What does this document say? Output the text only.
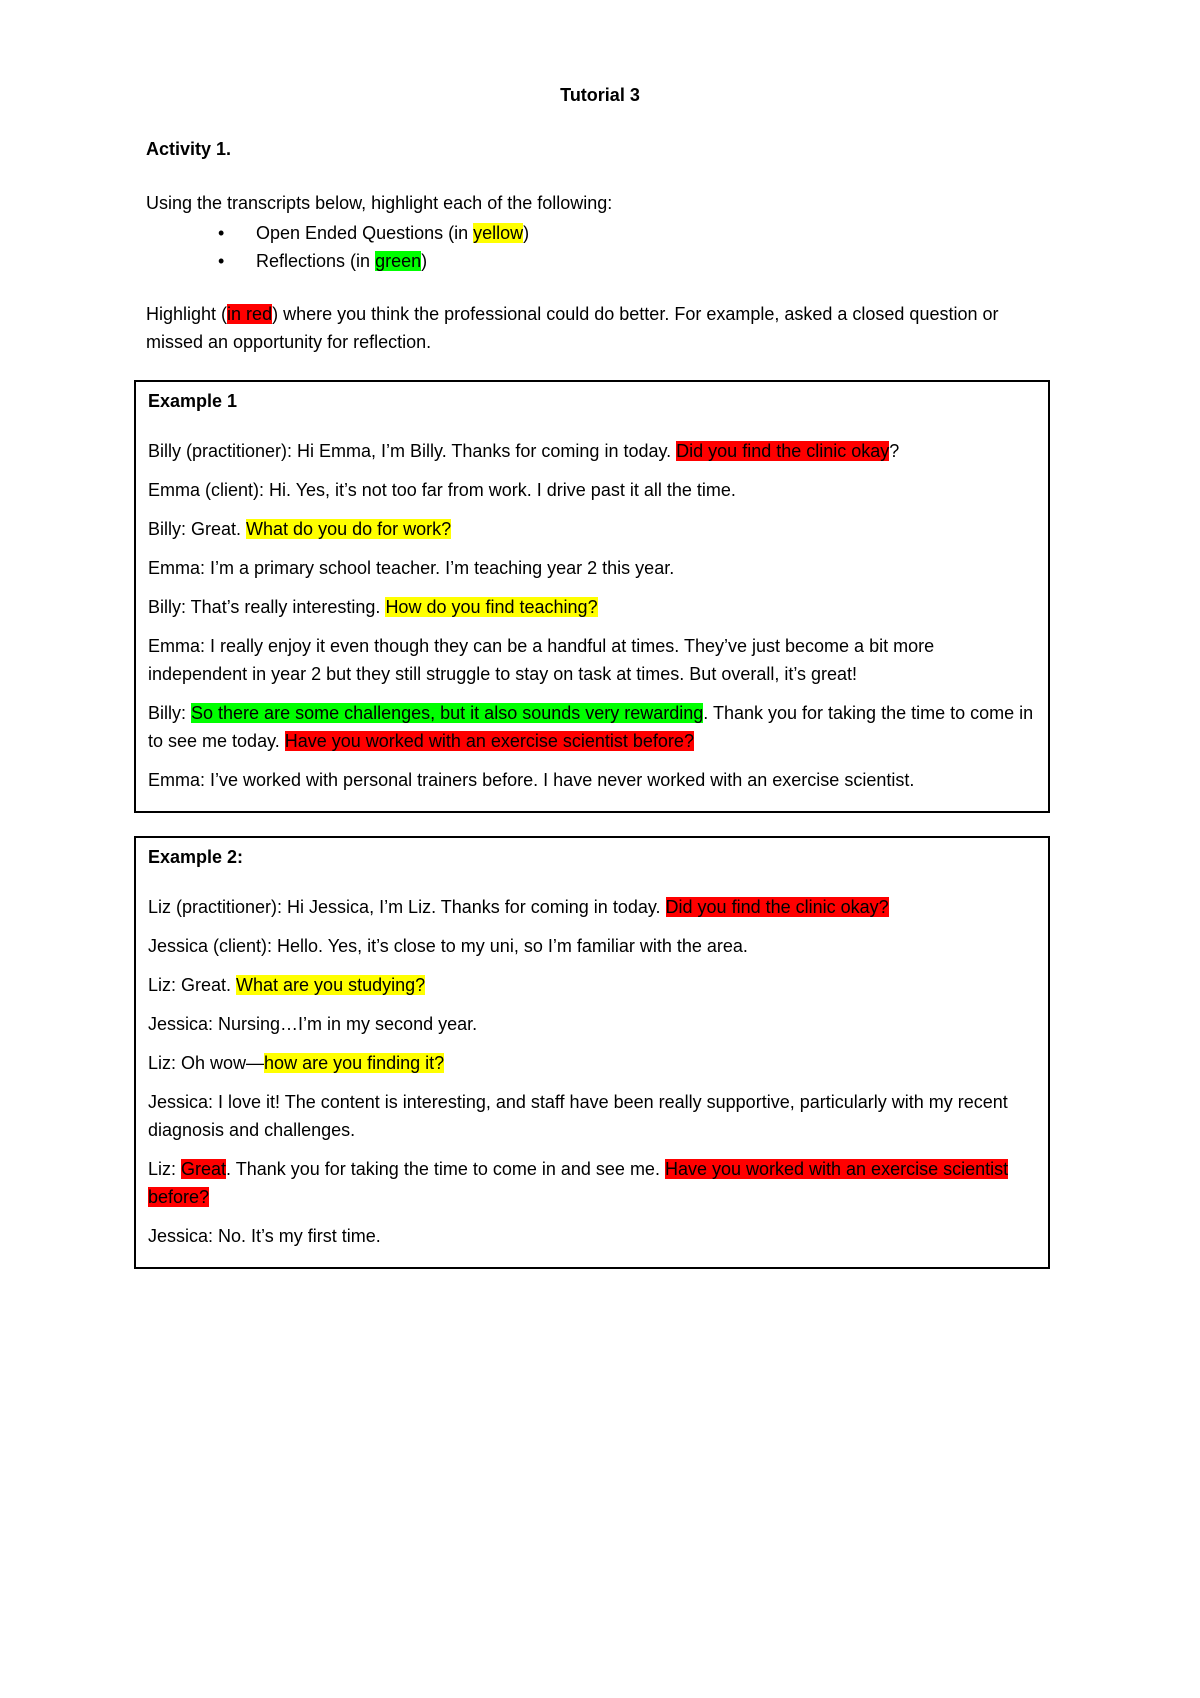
Tutorial 3
Activity 1.

Using the transcripts below, highlight each of the following:

• Open Ended Questions (in yellow)
• Reflections (in green)
Highlight (in red) where you think the professional could do better. For example, asked a closed question or missed an opportunity for reflection.
Example 1

Billy (practitioner): Hi Emma, I’m Billy. Thanks for coming in today. Did you find the clinic okay?

Emma (client): Hi. Yes, it’s not too far from work. I drive past it all the time.

Billy: Great. What do you do for work?

Emma: I’m a primary school teacher. I’m teaching year 2 this year.

Billy: That’s really interesting. How do you find teaching?

Emma: I really enjoy it even though they can be a handful at times. They’ve just become a bit more independent in year 2 but they still struggle to stay on task at times. But overall, it’s great!

Billy: So there are some challenges, but it also sounds very rewarding. Thank you for taking the time to come in to see me today. Have you worked with an exercise scientist before?

Emma: I’ve worked with personal trainers before. I have never worked with an exercise scientist.

Example 2:

Liz (practitioner): Hi Jessica, I’m Liz. Thanks for coming in today. Did you find the clinic okay?

Jessica (client): Hello. Yes, it’s close to my uni, so I’m familiar with the area.

Liz: Great. What are you studying?

Jessica: Nursing…I’m in my second year.

Liz: Oh wow—how are you finding it?

Jessica: I love it! The content is interesting, and staff have been really supportive, particularly with my recent diagnosis and challenges.

Liz: Great. Thank you for taking the time to come in and see me. Have you worked with an exercise scientist before?

Jessica: No. It’s my first time.
